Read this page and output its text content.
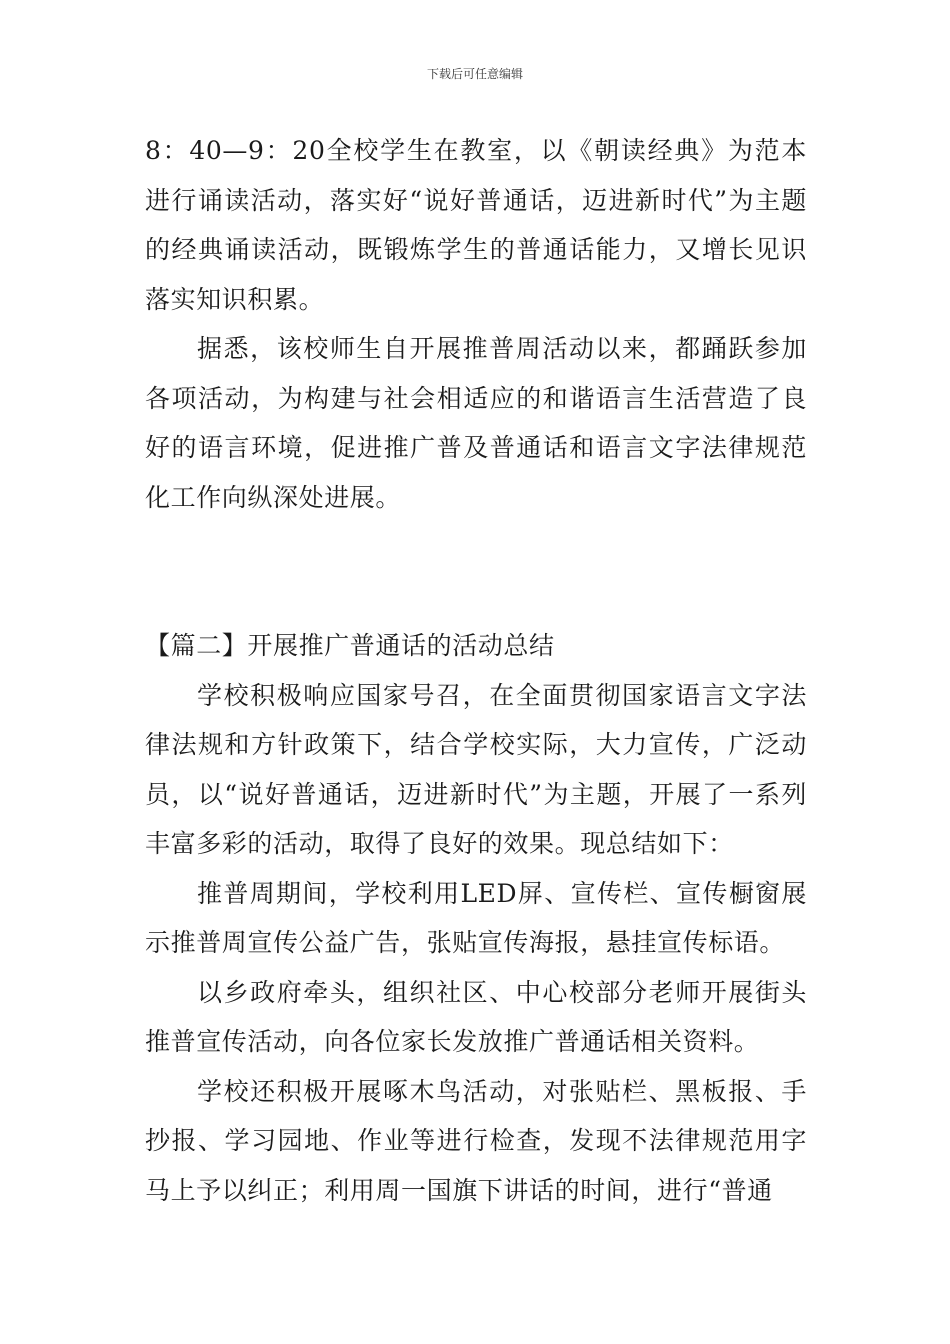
下载后可任意编辑

8：40—9：20全校学生在教室，以《朝读经典》为范本进行诵读活动，落实好“说好普通话，迈进新时代”为主题的经典诵读活动，既锻炼学生的普通话能力，又增长见识落实知识积累。

据悉，该校师生自开展推普周活动以来，都踊跃参加各项活动，为构建与社会相适应的和谐语言生活营造了良好的语言环境，促进推广普及普通话和语言文字法律规范化工作向纵深处进展。

【篇二】开展推广普通话的活动总结

学校积极响应国家号召，在全面贯彻国家语言文字法律法规和方针政策下，结合学校实际，大力宣传，广泛动员，以“说好普通话，迈进新时代”为主题，开展了一系列丰富多彩的活动，取得了良好的效果。现总结如下：

推普周期间，学校利用LED屏、宣传栏、宣传橱窗展示推普周宣传公益广告，张贴宣传海报，悬挂宣传标语。

以乡政府牵头，组织社区、中心校部分老师开展街头推普宣传活动，向各位家长发放推广普通话相关资料。

学校还积极开展啄木鸟活动，对张贴栏、黑板报、手抄报、学习园地、作业等进行检查，发现不法律规范用字马上予以纠正；利用周一国旗下讲话的时间，进行“普通
